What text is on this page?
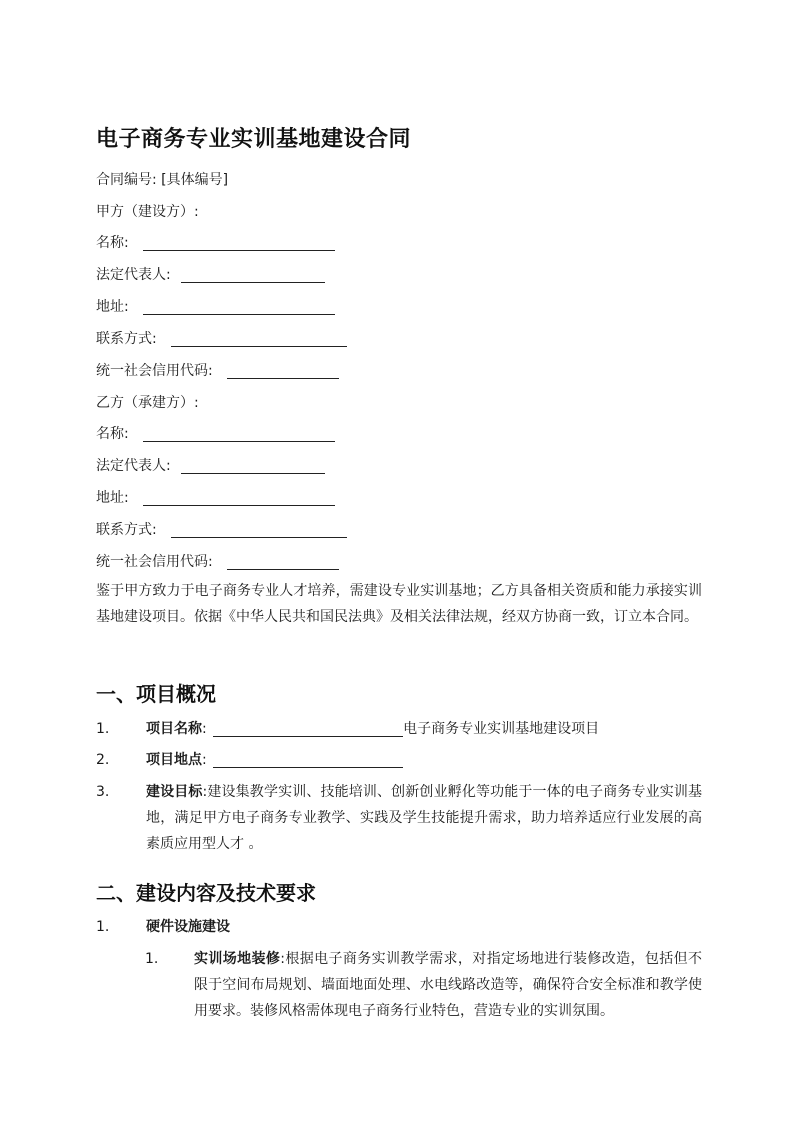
电子商务专业实训基地建设合同
合同编号: [具体编号]
甲方（建设方）:
名称:
法定代表人:
地址:
联系方式:
统一社会信用代码:
乙方（承建方）:
名称:
法定代表人:
地址:
联系方式:
统一社会信用代码:

鉴于甲方致力于电子商务专业人才培养，需建设专业实训基地；乙方具备相关资质和能力承接实训基地建设项目。依据《中华人民共和国民法典》及相关法律法规，经双方协商一致，订立本合同。

一、项目概况
1.	项目名称:	电子商务专业实训基地建设项目
2.	项目地点:
3.	建设目标:建设集教学实训、技能培训、创新创业孵化等功能于一体的电子商务专业实训基地，满足甲方电子商务专业教学、实践及学生技能提升需求，助力培养适应行业发展的高素质应用型人才 。

二、建设内容及技术要求
1.	硬件设施建设
1.	实训场地装修:根据电子商务实训教学需求，对指定场地进行装修改造，包括但不限于空间布局规划、墙面地面处理、水电线路改造等，确保符合安全标准和教学使用要求。装修风格需体现电子商务行业特色，营造专业的实训氛围。
